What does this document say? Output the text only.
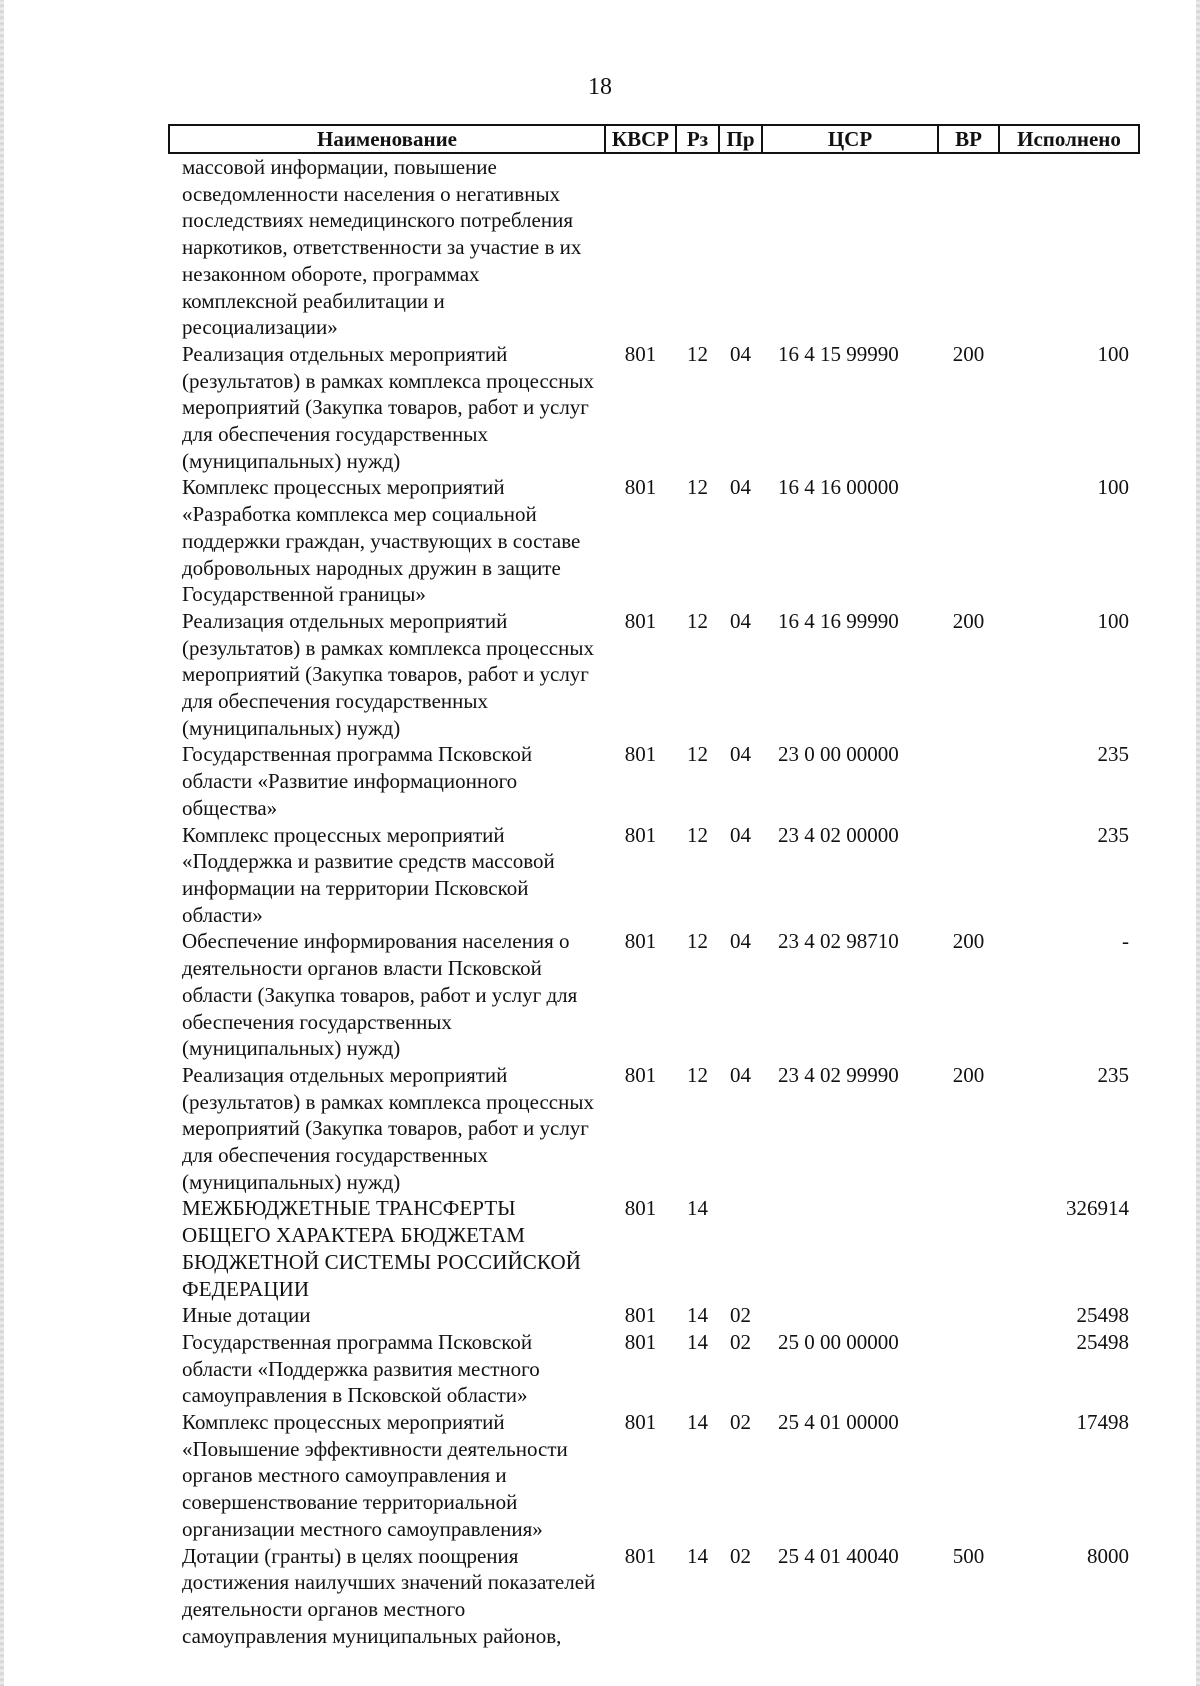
18
Наименование	КВСР	Рз	Пр	ЦСР	ВР	Исполнено
массовой информации, повышение осведомленности населения о негативных последствиях немедицинского потребления наркотиков, ответственности за участие в их незаконном обороте, программах комплексной реабилитации и ресоциализации»						
Реализация отдельных мероприятий (результатов) в рамках комплекса процессных мероприятий (Закупка товаров, работ и услуг для обеспечения государственных (муниципальных) нужд)	801	12	04	16 4 15 99990	200	100
Комплекс процессных мероприятий «Разработка комплекса мер социальной поддержки граждан, участвующих в составе добровольных народных дружин в защите Государственной границы»	801	12	04	16 4 16 00000		100
Реализация отдельных мероприятий (результатов) в рамках комплекса процессных мероприятий (Закупка товаров, работ и услуг для обеспечения государственных (муниципальных) нужд)	801	12	04	16 4 16 99990	200	100
Государственная программа Псковской области «Развитие информационного общества»	801	12	04	23 0 00 00000		235
Комплекс процессных мероприятий «Поддержка и развитие средств массовой информации на территории Псковской области»	801	12	04	23 4 02 00000		235
Обеспечение информирования населения о деятельности органов власти Псковской области (Закупка товаров, работ и услуг для обеспечения государственных (муниципальных) нужд)	801	12	04	23 4 02 98710	200	-
Реализация отдельных мероприятий (результатов) в рамках комплекса процессных мероприятий (Закупка товаров, работ и услуг для обеспечения государственных (муниципальных) нужд)	801	12	04	23 4 02 99990	200	235
МЕЖБЮДЖЕТНЫЕ ТРАНСФЕРТЫ ОБЩЕГО ХАРАКТЕРА БЮДЖЕТАМ БЮДЖЕТНОЙ СИСТЕМЫ РОССИЙСКОЙ ФЕДЕРАЦИИ	801	14				326914
Иные дотации	801	14	02			25498
Государственная программа Псковской области «Поддержка развития местного самоуправления в Псковской области»	801	14	02	25 0 00 00000		25498
Комплекс процессных мероприятий «Повышение эффективности деятельности органов местного самоуправления и совершенствование территориальной организации местного самоуправления»	801	14	02	25 4 01 00000		17498
Дотации (гранты) в целях поощрения достижения наилучших значений показателей деятельности органов местного самоуправления муниципальных районов,	801	14	02	25 4 01 40040	500	8000
